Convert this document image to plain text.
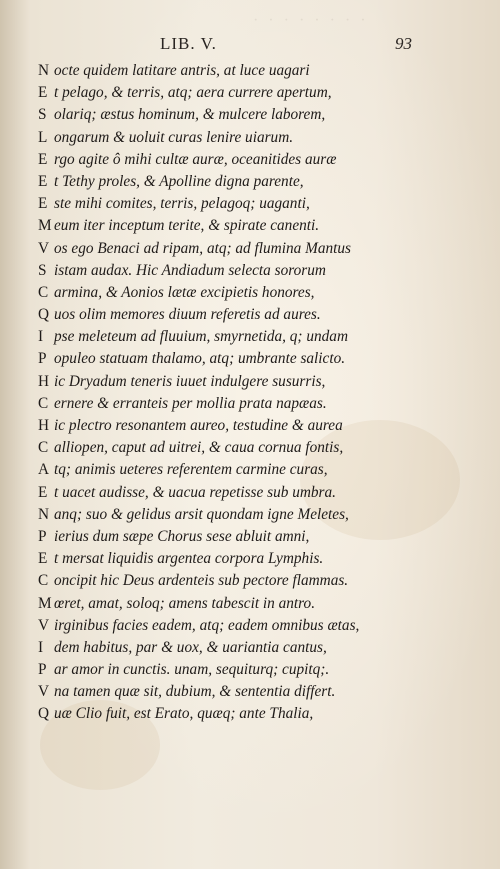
· · · · · · · ·
LIB. V.	93
N octe quidem latitare antris, at luce uagari
E t pelago, & terris, atq; aera currere apertum,
S olariq; æstus hominum, & mulcere laborem,
L ongarum & uoluit curas lenire uiarum.
E rgo agite ô mihi cultæ auræ, oceanitides auræ
E t Tethy proles, & Apolline digna parente,
E ste mihi comites, terris, pelagoq; uaganti,
M eum iter inceptum terite, & spirate canenti.
V os ego Benaci ad ripam, atq; ad flumina Mantus
S istam audax. Hic Andiadum selecta sororum
C armina, & Aonios lætæ excipietis honores,
Q uos olim memores diuum referetis ad aures.
I pse meleteum ad fluuium, smyrnetida, q; undam
P opuleo statuam thalamo, atq; umbrante salicto.
H ic Dryadum teneris iuuet indulgere susurris,
C ernere & erranteis per mollia prata napæas.
H ic plectro resonantem aureo, testudine & aurea
C alliopen, caput ad uitrei, & caua cornua fontis,
A tq; animis ueteres referentem carmine curas,
E t uacet audisse, & uacua repetisse sub umbra.
N anq; suo & gelidus arsit quondam igne Meletes,
P ierius dum sæpe Chorus sese abluit amni,
E t mersat liquidis argentea corpora Lymphis.
C oncipit hic Deus ardenteis sub pectore flammas.
M œret, amat, soloq; amens tabescit in antro.
V irginibus facies eadem, atq; eadem omnibus ætas,
I dem habitus, par & uox, & uariantia cantus,
P ar amor in cunctis. unam, sequiturq; cupitq;.
V na tamen quæ sit, dubium, & sententia differt.
Q uæ Clio fuit, est Erato, quæq; ante Thalia,
